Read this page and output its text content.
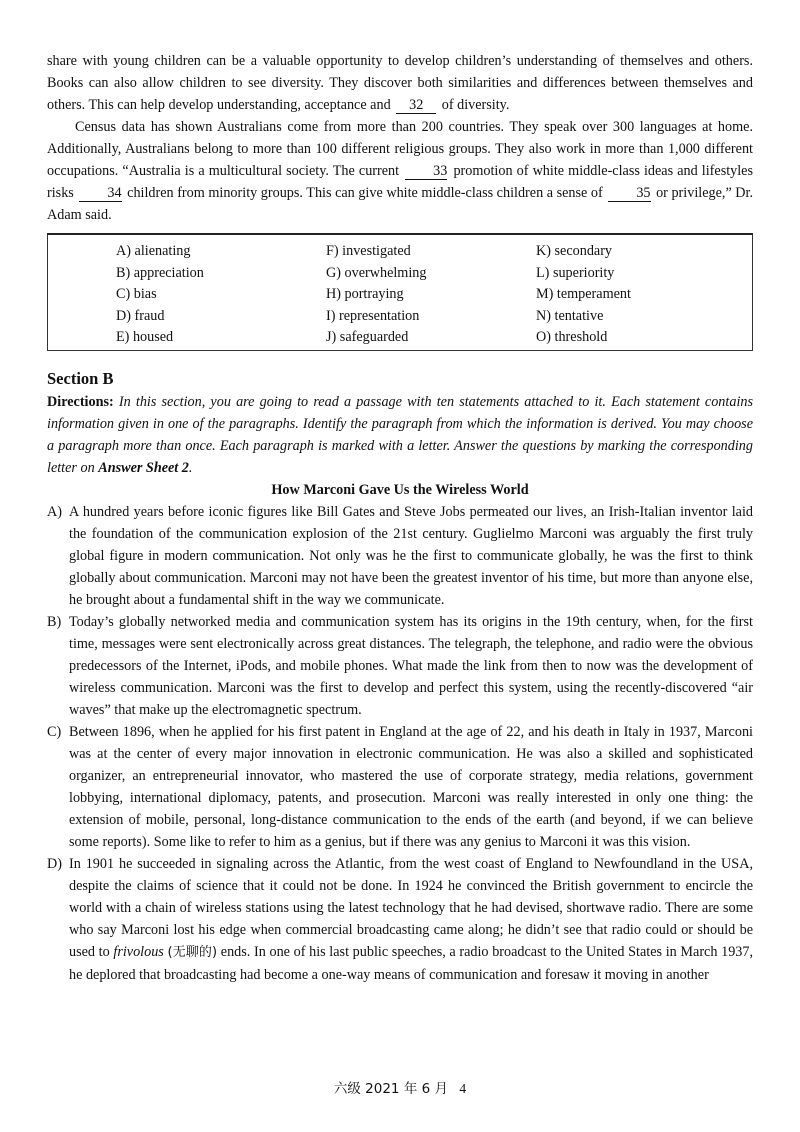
share with young children can be a valuable opportunity to develop children’s understanding of themselves and others. Books can also allow children to see diversity. They discover both similarities and differences between themselves and others. This can help develop understanding, acceptance and 32 of diversity.

Census data has shown Australians come from more than 200 countries. They speak over 300 languages at home. Additionally, Australians belong to more than 100 different religious groups. They also work in more than 1,000 different occupations. “Australia is a multicultural society. The current 33 promotion of white middle-class ideas and lifestyles risks 34 children from minority groups. This can give white middle-class children a sense of 35 or privilege,” Dr. Adam said.

A) alienating	F) investigated	K) secondary
B) appreciation	G) overwhelming	L) superiority
C) bias	H) portraying	M) temperament
D) fraud	I) representation	N) tentative
E) housed	J) safeguarded	O) threshold
Section B

Directions: In this section, you are going to read a passage with ten statements attached to it. Each statement contains information given in one of the paragraphs. Identify the paragraph from which the information is derived. You may choose a paragraph more than once. Each paragraph is marked with a letter. Answer the questions by marking the corresponding letter on Answer Sheet 2.

How Marconi Gave Us the Wireless World

A) A hundred years before iconic figures like Bill Gates and Steve Jobs permeated our lives, an Irish-Italian inventor laid the foundation of the communication explosion of the 21st century. Guglielmo Marconi was arguably the first truly global figure in modern communication. Not only was he the first to communicate globally, he was the first to think globally about communication. Marconi may not have been the greatest inventor of his time, but more than anyone else, he brought about a fundamental shift in the way we communicate.

B) Today’s globally networked media and communication system has its origins in the 19th century, when, for the first time, messages were sent electronically across great distances. The telegraph, the telephone, and radio were the obvious predecessors of the Internet, iPods, and mobile phones. What made the link from then to now was the development of wireless communication. Marconi was the first to develop and perfect this system, using the recently-discovered “air waves” that make up the electromagnetic spectrum.

C) Between 1896, when he applied for his first patent in England at the age of 22, and his death in Italy in 1937, Marconi was at the center of every major innovation in electronic communication. He was also a skilled and sophisticated organizer, an entrepreneurial innovator, who mastered the use of corporate strategy, media relations, government lobbying, international diplomacy, patents, and prosecution. Marconi was really interested in only one thing: the extension of mobile, personal, long-distance communication to the ends of the earth (and beyond, if we can believe some reports). Some like to refer to him as a genius, but if there was any genius to Marconi it was this vision.

D) In 1901 he succeeded in signaling across the Atlantic, from the west coast of England to Newfoundland in the USA, despite the claims of science that it could not be done. In 1924 he convinced the British government to encircle the world with a chain of wireless stations using the latest technology that he had devised, shortwave radio. There are some who say Marconi lost his edge when commercial broadcasting came along; he didn’t see that radio could or should be used to frivolous (无聊的) ends. In one of his last public speeches, a radio broadcast to the United States in March 1937, he deplored that broadcasting had become a one-way means of communication and foresaw it moving in another

六级 2021 年 6 月 4
